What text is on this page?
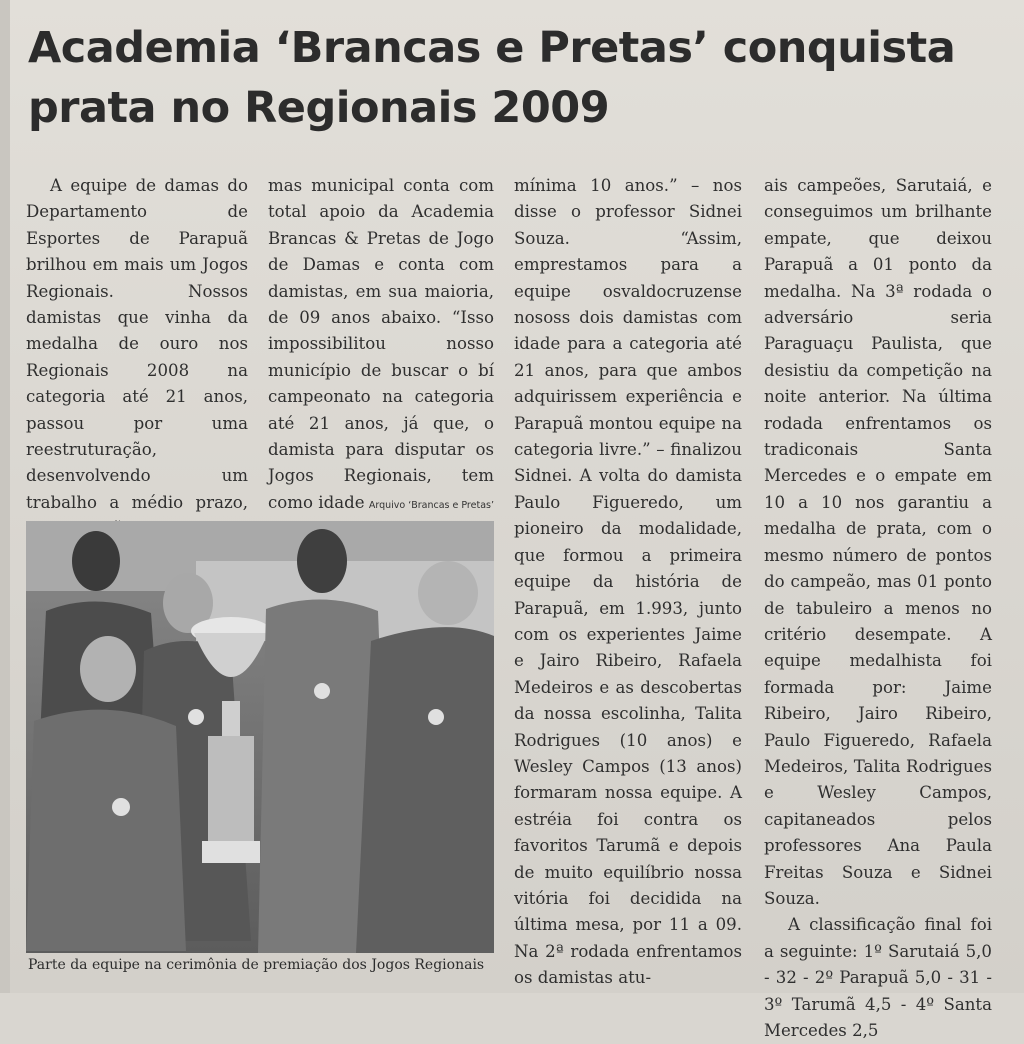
Academia ‘Brancas e Pretas’ conquista prata no Regionais 2009

A equipe de damas do Departamento de Esportes de Parapuã brilhou em mais um Jogos Regionais. Nossos damistas que vinha da medalha de ouro nos Regionais 2008 na categoria até 21 anos, passou por uma reestruturação, desenvolvendo um trabalho a médio prazo,

mas municipal conta com total apoio da Academia Brancas & Pretas de Jogo de Damas e conta com damistas, em sua maioria, de 09 anos abaixo. “Isso impossibilitou nosso município de buscar o bí campeonato na categoria até 21 anos, já que, o damista para disputar os Jogos Regionais, tem como idade

mínima 10 anos.” – nos disse o professor Sidnei Souza. “Assim, emprestamos para a equipe osvaldocruzense nososs dois damistas com idade para a categoria até 21 anos, para que ambos adquirissem experiência e Parapuã montou equipe na categoria livre.” – finalizou Sidnei. A volta do damista Paulo Figueredo, um pioneiro da modalidade, que formou a primeira equipe da história de Parapuã, em 1.993, junto com os experientes Jaime e Jairo Ribeiro, Rafaela Medeiros e as descobertas da nossa escolinha, Talita Rodrigues (10 anos) e Wesley Campos (13 anos) formaram nossa equipe. A estréia foi contra os favoritos Tarumã e depois de muito equilíbrio nossa vitória foi decidida na última mesa, por 11 a 09. Na 2ª rodada enfrentamos os damistas atu-

ais campeões, Sarutaiá, e conseguimos um brilhante empate, que deixou Parapuã a 01 ponto da medalha. Na 3ª rodada o adversário seria Paraguaçu Paulista, que desistiu da competição na noite anterior. Na última rodada enfrentamos os tradiconais Santa Mercedes e o empate em 10 a 10 nos garantiu a medalha de prata, com o mesmo número de pontos do campeão, mas 01 ponto de tabuleiro a menos no critério desempate. A equipe medalhista foi formada por: Jaime Ribeiro, Jairo Ribeiro, Paulo Figueredo, Rafaela Medeiros, Talita Rodrigues e Wesley Campos, capitaneados pelos professores Ana Paula Freitas Souza e Sidnei Souza.

A classificação final foi a seguinte: 1º Sarutaiá 5,0 - 32 - 2º Parapuã 5,0 - 31 - 3º Tarumã 4,5 - 4º Santa Mercedes 2,5

Arquivo ‘Brancas e Pretas’
Parte da equipe na cerimônia de premiação dos Jogos Regionais
